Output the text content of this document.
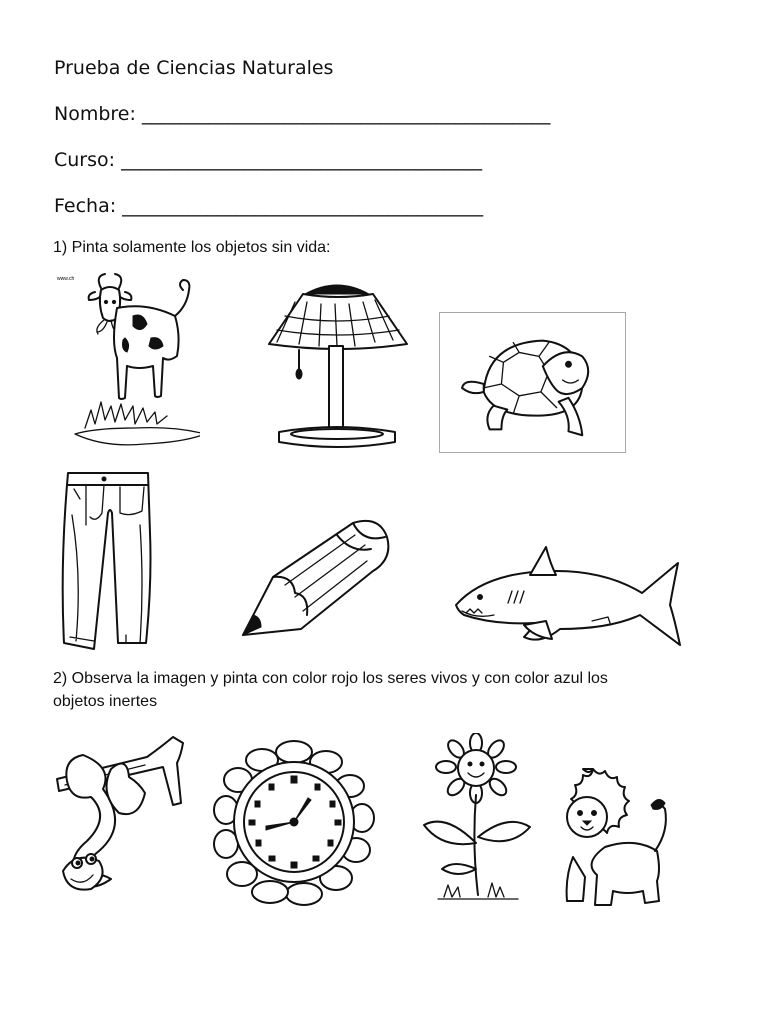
Prueba de Ciencias Naturales
Nombre: ___________________________________________
Curso: ______________________________________
Fecha: ______________________________________
1) Pinta solamente los objetos sin vida:
www.ch
2) Observa la imagen y pinta con color rojo los seres vivos y con color azul los
objetos inertes
